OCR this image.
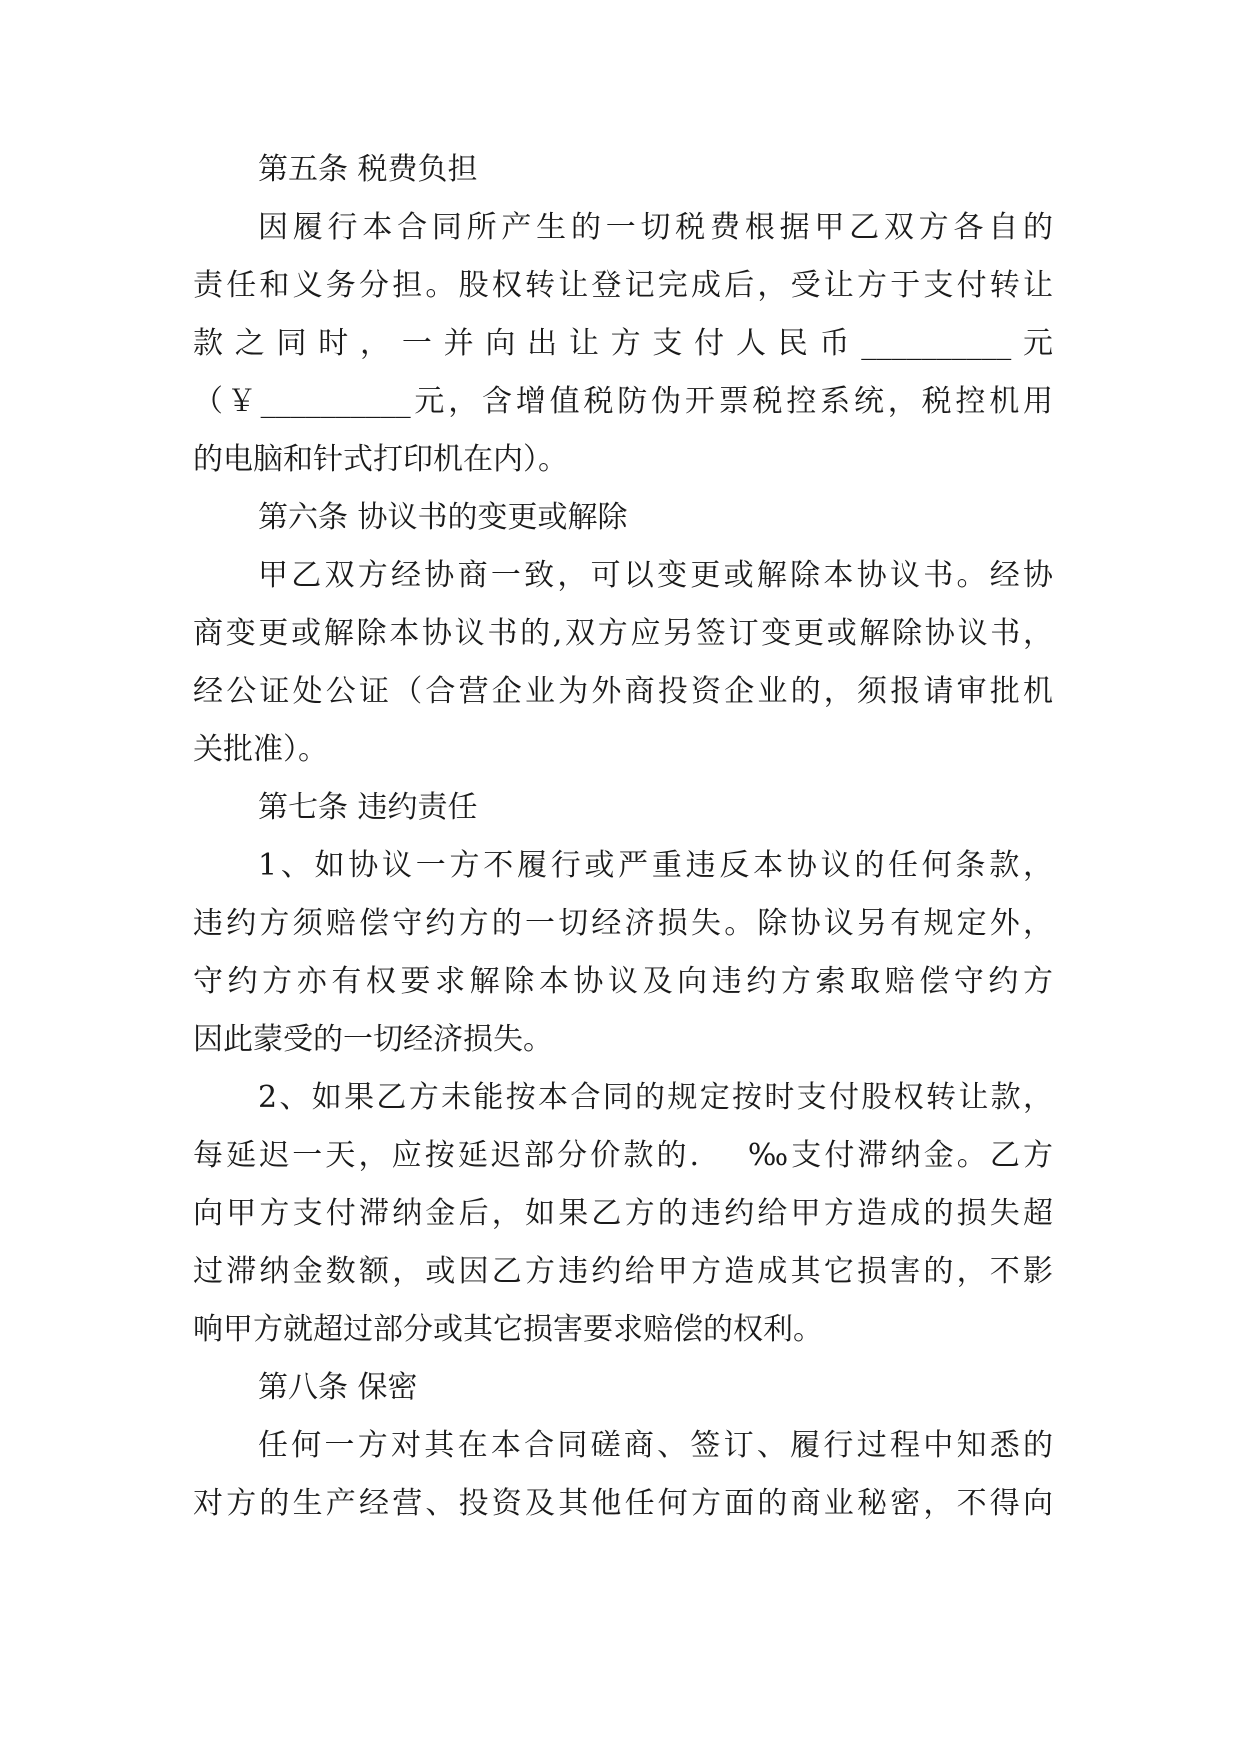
第五条 税费负担
因履行本合同所产生的一切税费根据甲乙双方各自的
责任和义务分担。股权转让登记完成后，受让方于支付转让
款之同时，一并向出让方支付人民币__________元
（￥__________元，含增值税防伪开票税控系统，税控机用
的电脑和针式打印机在内）。
第六条 协议书的变更或解除
甲乙双方经协商一致，可以变更或解除本协议书。经协
商变更或解除本协议书的,双方应另签订变更或解除协议书，
经公证处公证（合营企业为外商投资企业的，须报请审批机
关批准）。
第七条 违约责任
1、如协议一方不履行或严重违反本协议的任何条款，
违约方须赔偿守约方的一切经济损失。除协议另有规定外，
守约方亦有权要求解除本协议及向违约方索取赔偿守约方
因此蒙受的一切经济损失。
2、如果乙方未能按本合同的规定按时支付股权转让款，
每延迟一天，应按延迟部分价款的.　 ‰支付滞纳金。乙方
向甲方支付滞纳金后，如果乙方的违约给甲方造成的损失超
过滞纳金数额，或因乙方违约给甲方造成其它损害的，不影
响甲方就超过部分或其它损害要求赔偿的权利。
第八条 保密
任何一方对其在本合同磋商、签订、履行过程中知悉的
对方的生产经营、投资及其他任何方面的商业秘密，不得向
